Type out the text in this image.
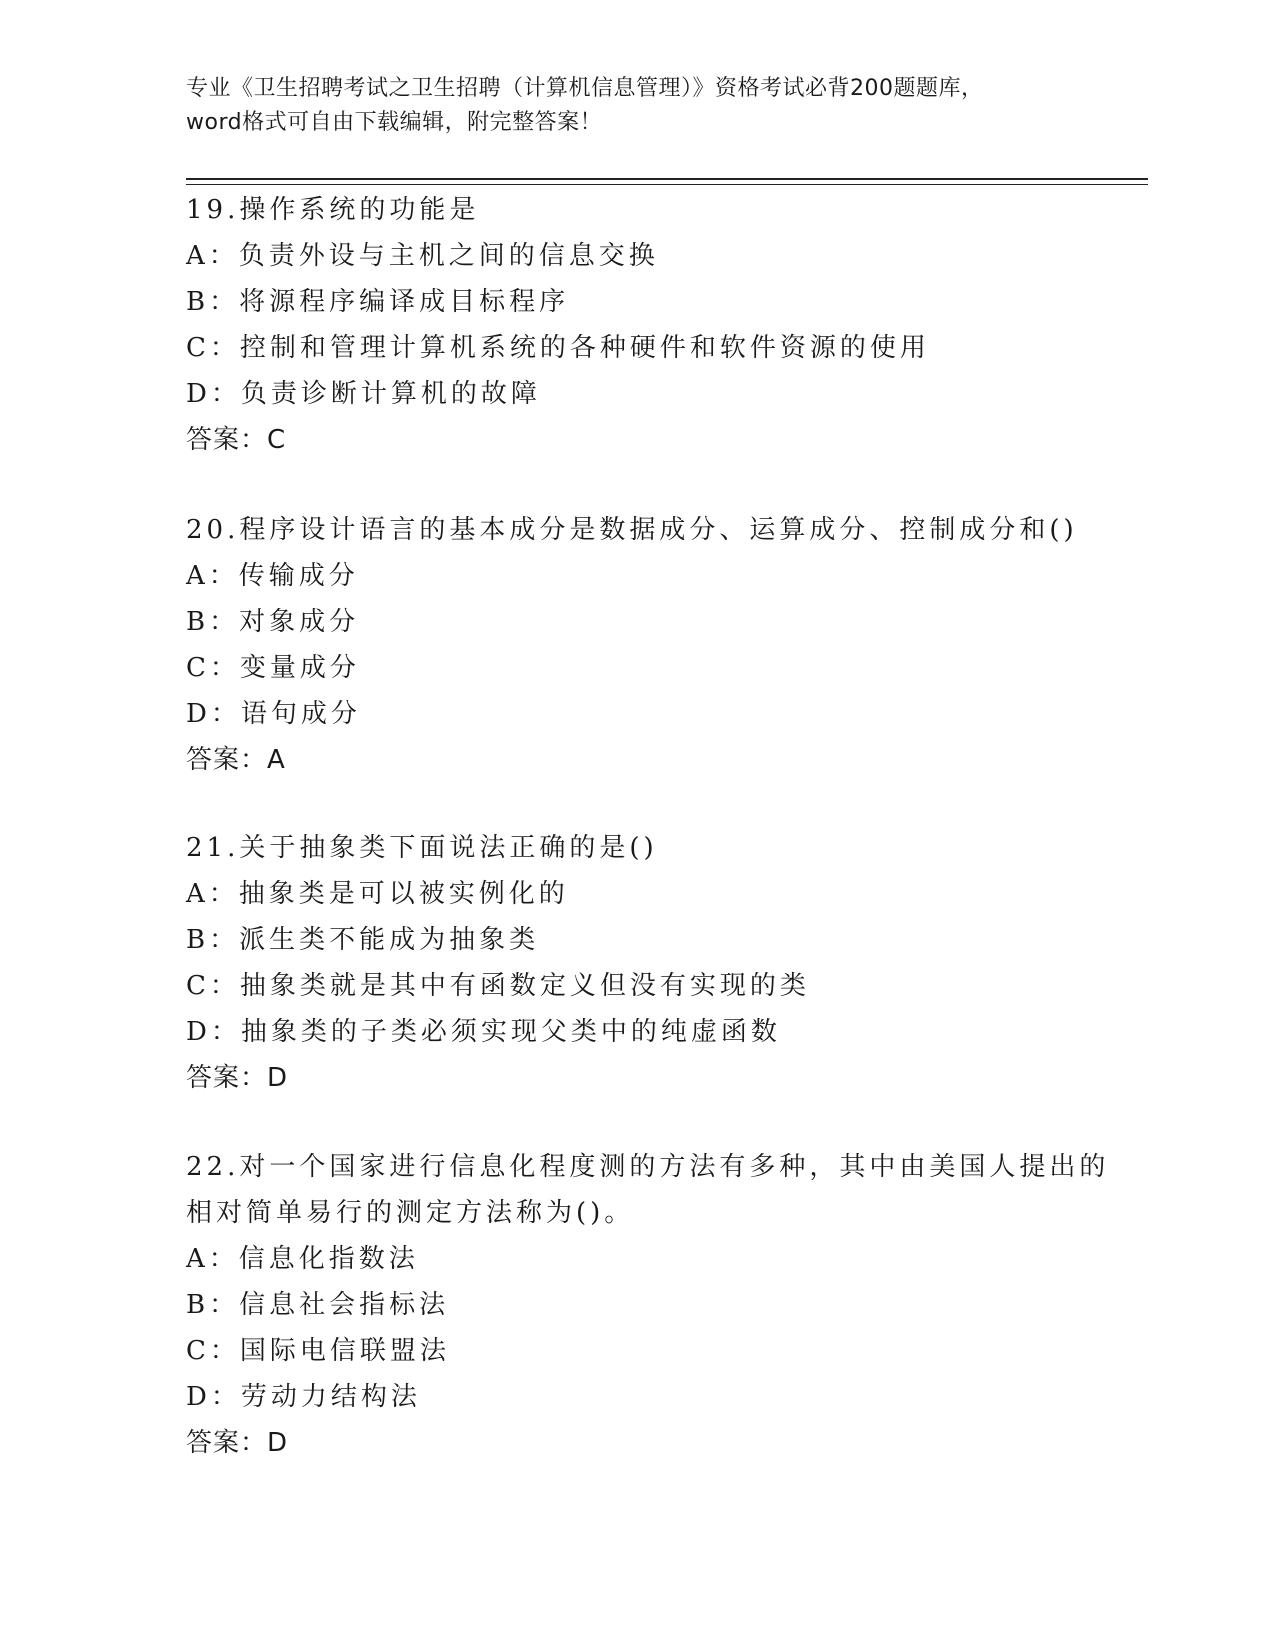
专业《卫生招聘考试之卫生招聘（计算机信息管理）》资格考试必背200题题库，
word格式可自由下载编辑，附完整答案！
19.操作系统的功能是
A：负责外设与主机之间的信息交换
B：将源程序编译成目标程序
C：控制和管理计算机系统的各种硬件和软件资源的使用
D：负责诊断计算机的故障
答案：C
20.程序设计语言的基本成分是数据成分、运算成分、控制成分和()
A：传输成分
B：对象成分
C：变量成分
D：语句成分
答案：A
21.关于抽象类下面说法正确的是()
A：抽象类是可以被实例化的
B：派生类不能成为抽象类
C：抽象类就是其中有函数定义但没有实现的类
D：抽象类的子类必须实现父类中的纯虚函数
答案：D
22.对一个国家进行信息化程度测的方法有多种，其中由美国人提出的
相对简单易行的测定方法称为()。
A：信息化指数法
B：信息社会指标法
C：国际电信联盟法
D：劳动力结构法
答案：D
